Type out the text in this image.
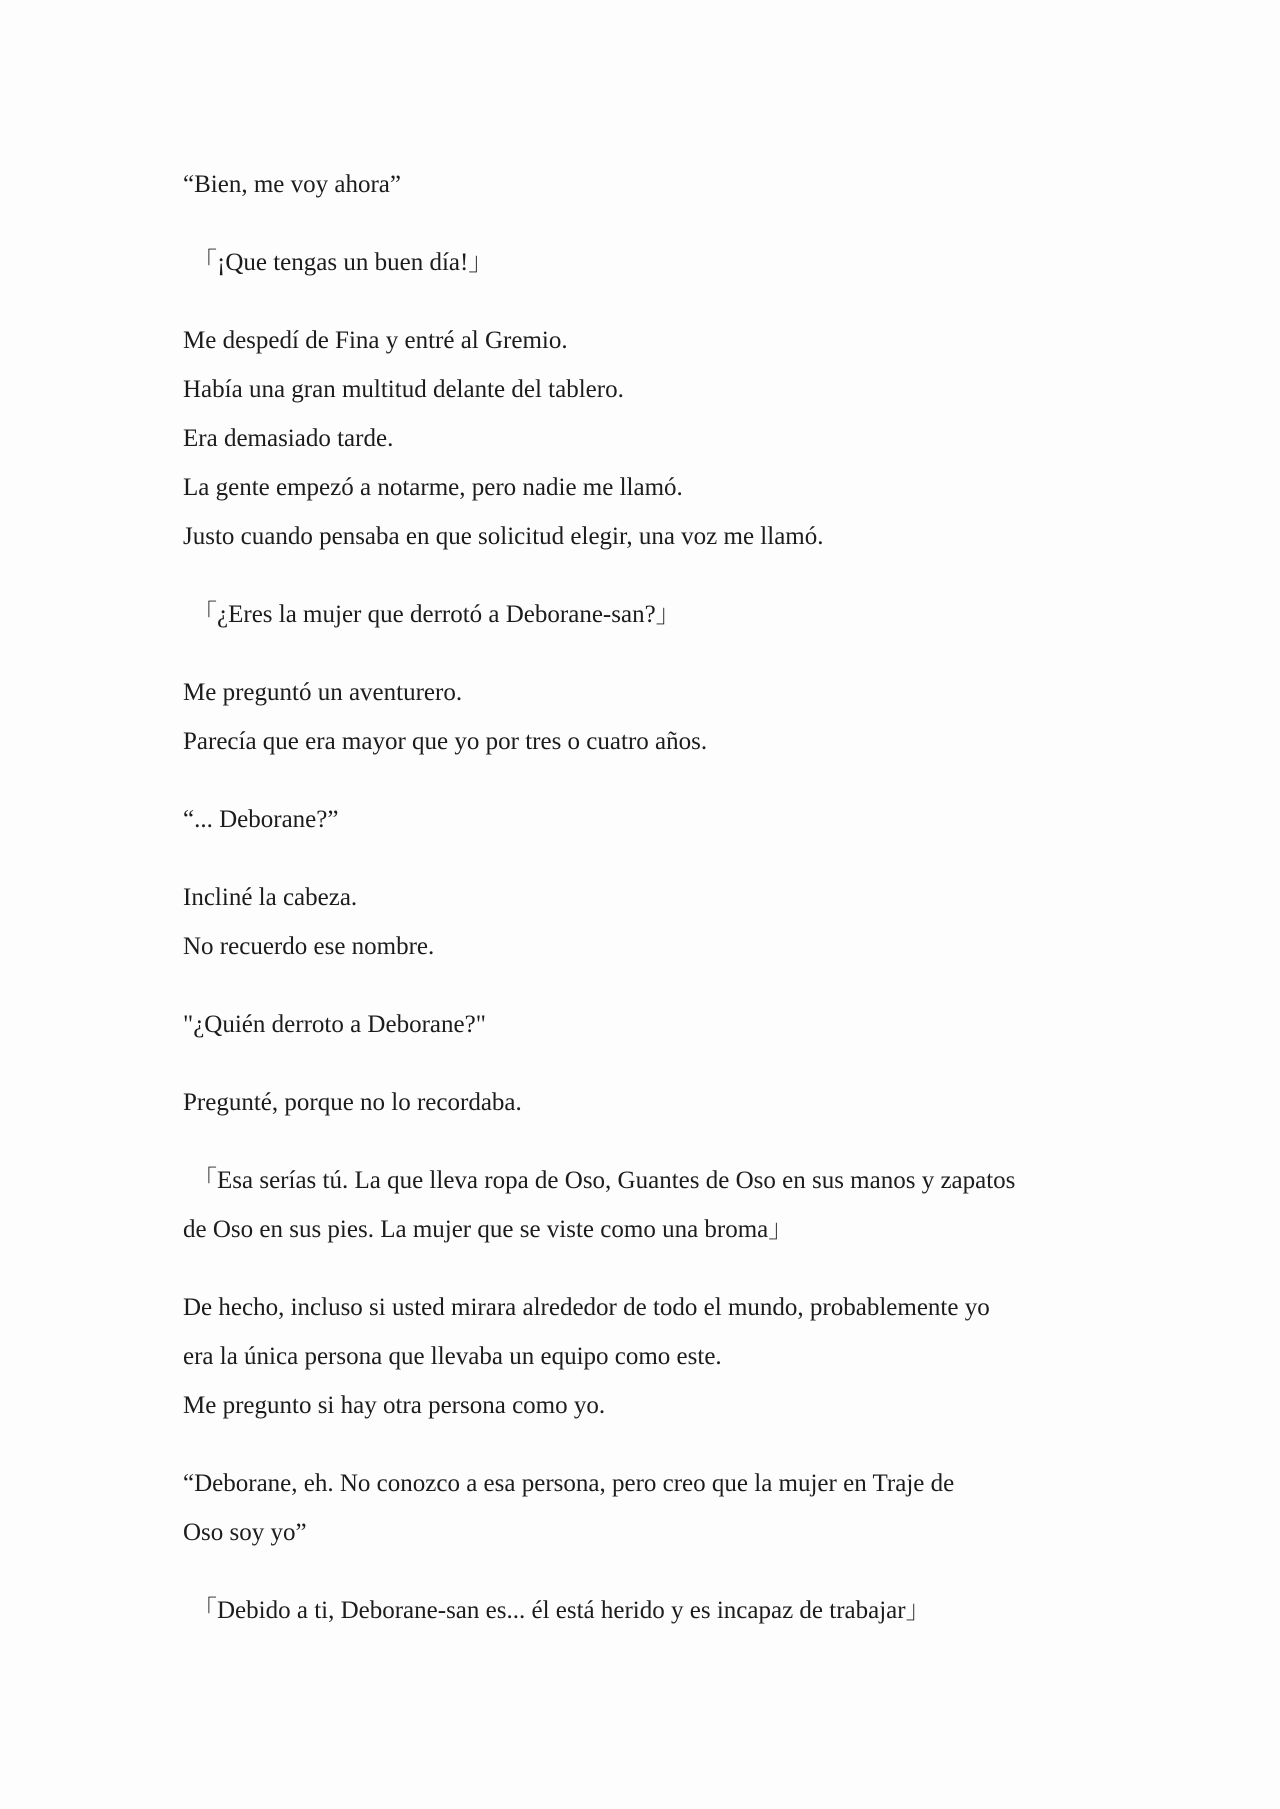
“Bien, me voy ahora”
「¡Que tengas un buen día!」
Me despedí de Fina y entré al Gremio.
Había una gran multitud delante del tablero.
Era demasiado tarde.
La gente empezó a notarme, pero nadie me llamó.
Justo cuando pensaba en que solicitud elegir, una voz me llamó.
「¿Eres la mujer que derrotó a Deborane-san?」
Me preguntó un aventurero.
Parecía que era mayor que yo por tres o cuatro años.
“... Deborane?”
Incliné la cabeza.
No recuerdo ese nombre.
"¿Quién derroto a Deborane?"
Pregunté, porque no lo recordaba.
「Esa serías tú. La que lleva ropa de Oso, Guantes de Oso en sus manos y zapatos
de Oso en sus pies. La mujer que se viste como una broma」
De hecho, incluso si usted mirara alrededor de todo el mundo, probablemente yo
era la única persona que llevaba un equipo como este.
Me pregunto si hay otra persona como yo.
“Deborane, eh. No conozco a esa persona, pero creo que la mujer en Traje de
Oso soy yo”
「Debido a ti, Deborane-san es... él está herido y es incapaz de trabajar」
